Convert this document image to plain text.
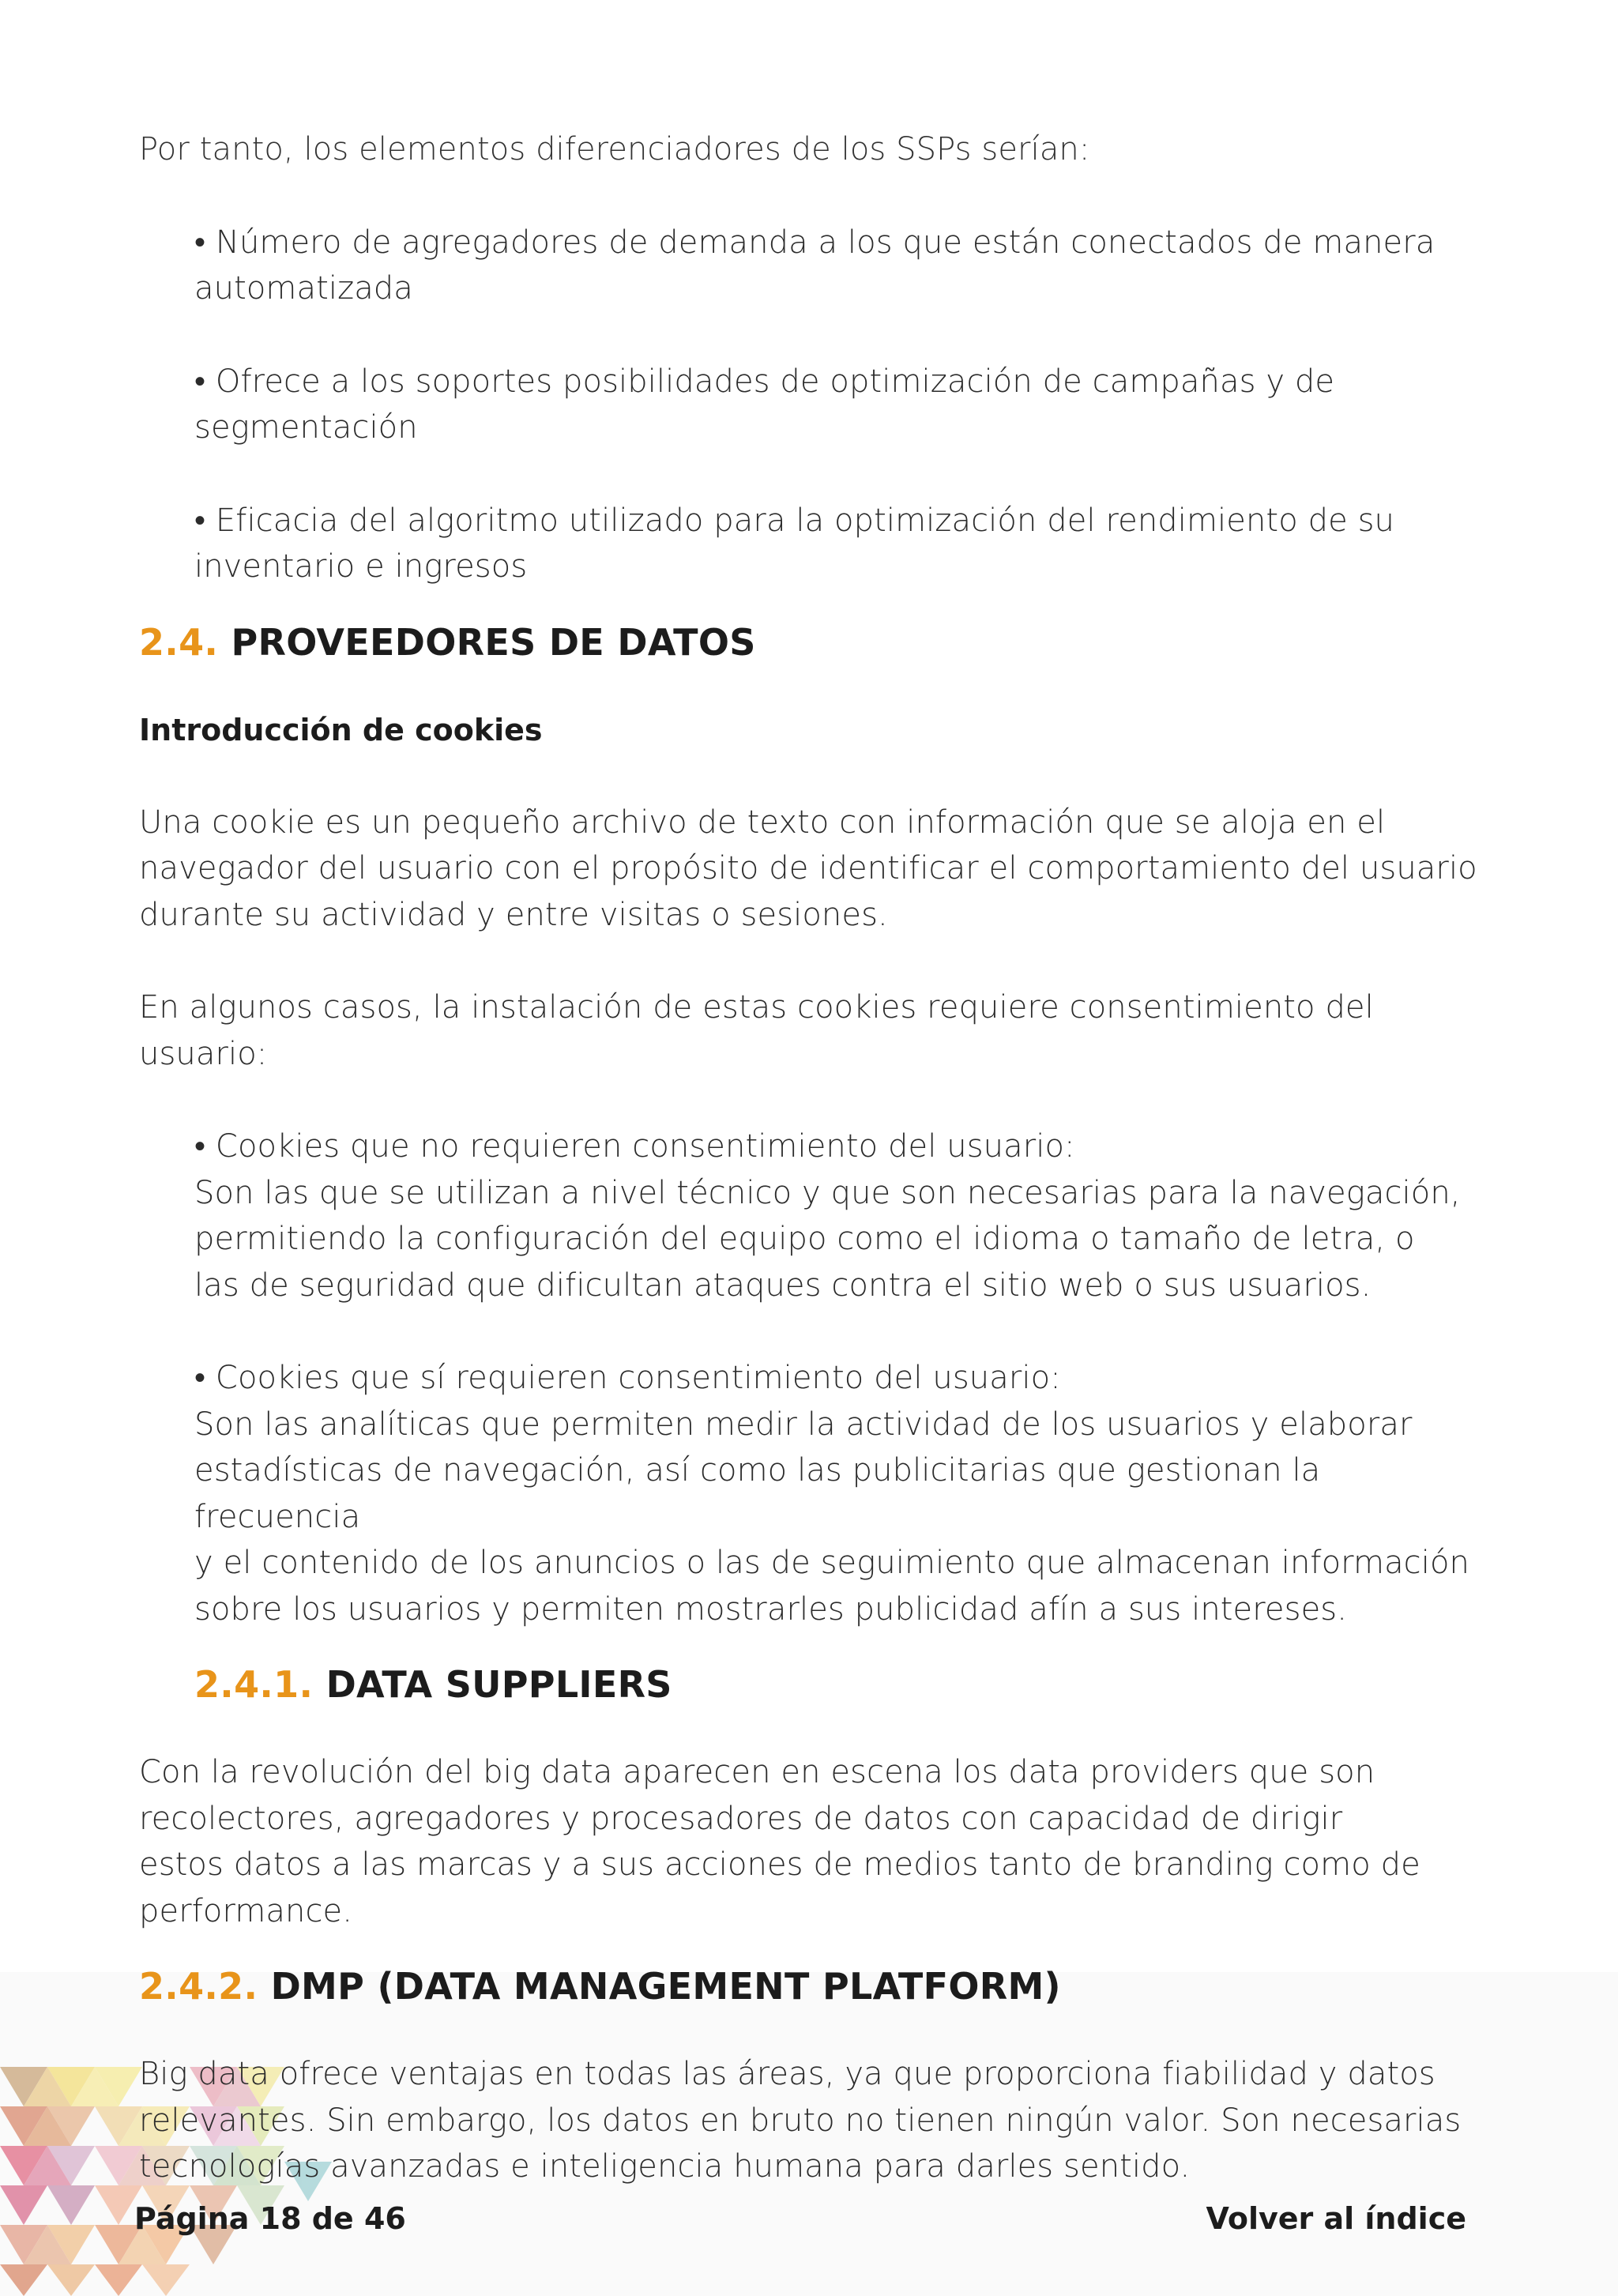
Por tanto, los elementos diferenciadores de los SSPs serían:

• Número de agregadores de demanda a los que están conectados de manera

automatizada

• Ofrece a los soportes posibilidades de optimización de campañas y de

segmentación

• Eficacia del algoritmo utilizado para la optimización del rendimiento de su

inventario e ingresos

2.4. PROVEEDORES DE DATOS
Introducción de cookies

Una cookie es un pequeño archivo de texto con información que se aloja en el

navegador del usuario con el propósito de identificar el comportamiento del usuario

durante su actividad y entre visitas o sesiones.

En algunos casos, la instalación de estas cookies requiere consentimiento del usuario:

• Cookies que no requieren consentimiento del usuario:

Son las que se utilizan a nivel técnico y que son necesarias para la navegación,

permitiendo la configuración del equipo como el idioma o tamaño de letra, o

las de seguridad que dificultan ataques contra el sitio web o sus usuarios.

• Cookies que sí requieren consentimiento del usuario:

Son las analíticas que permiten medir la actividad de los usuarios y elaborar

estadísticas de navegación, así como las publicitarias que gestionan la frecuencia

y el contenido de los anuncios o las de seguimiento que almacenan información

sobre los usuarios y permiten mostrarles publicidad afín a sus intereses.

2.4.1. DATA SUPPLIERS

Con la revolución del big data aparecen en escena los data providers que son

recolectores, agregadores y procesadores de datos con capacidad de dirigir

estos datos a las marcas y a sus acciones de medios tanto de branding como de

performance.

2.4.2. DMP (DATA MANAGEMENT PLATFORM)

Big data ofrece ventajas en todas las áreas, ya que proporciona fiabilidad y datos

relevantes. Sin embargo, los datos en bruto no tienen ningún valor. Son necesarias

tecnologías avanzadas e inteligencia humana para darles sentido.

Página 18 de 46	Volver al índice
